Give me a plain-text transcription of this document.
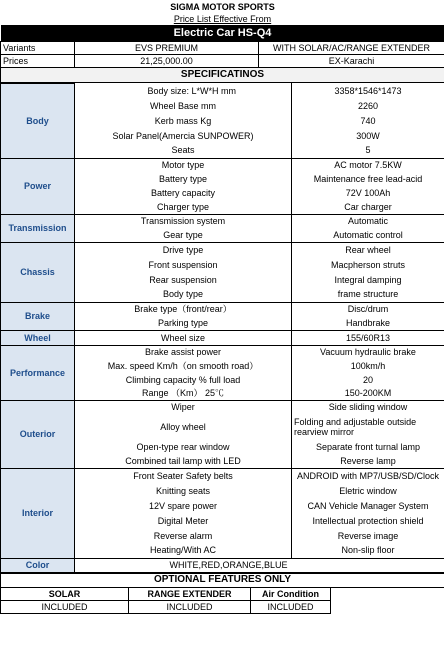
SIGMA MOTOR SPORTS		
Price List Effective From		
Electric Car HS-Q4		
Variants	EVS PREMIUM	WITH SOLAR/AC/RANGE EXTENDER
Prices	21,25,000.00	EX-Karachi
SPECIFICATINOS		
Body	Body size: L*W*H mm	3358*1546*1473
	Wheel Base mm	2260
	Kerb mass Kg	740
	Solar Panel(Amercia SUNPOWER)	300W
	Seats	5
Power	Motor type	AC motor 7.5KW
	Battery type	Maintenance free lead-acid
	Battery capacity	72V 100Ah
	Charger type	Car charger
Transmission	Transmission system	Automatic
	Gear type	Automatic control
Chassis	Drive type	Rear wheel
	Front suspension	Macpherson struts
	Rear suspension	Integral damping
	Body type	frame structure
Brake	Brake type（front/rear）	Disc/drum
	Parking type	Handbrake
Wheel	Wheel size	155/60R13
Performance	Brake assist power	Vacuum hydraulic brake
	Max. speed Km/h（on smooth road）	100km/h
	Climbing capacity % full load	20
	Range （Km） 25℃	150-200KM
Outerior	Wiper	Side sliding window
	Alloy wheel	Folding and adjustable outside rearview mirror
	Open-type rear window	Separate front turnal lamp
	Combined tail lamp with LED	Reverse lamp
Interior	Front Seater Safety belts	ANDROID with MP7/USB/SD/Clock
	Knitting seats	Eletric window
	12V spare power	CAN Vehicle Manager System
	Digital Meter	Intellectual protection shield
	Reverse alarm	Reverse image
	Heating/With AC	Non-slip floor
Color	WHITE,RED,ORANGE,BLUE	
OPTIONAL FEATURES ONLY			
SOLAR	RANGE EXTENDER	Air Condition	
INCLUDED	INCLUDED	INCLUDED	
